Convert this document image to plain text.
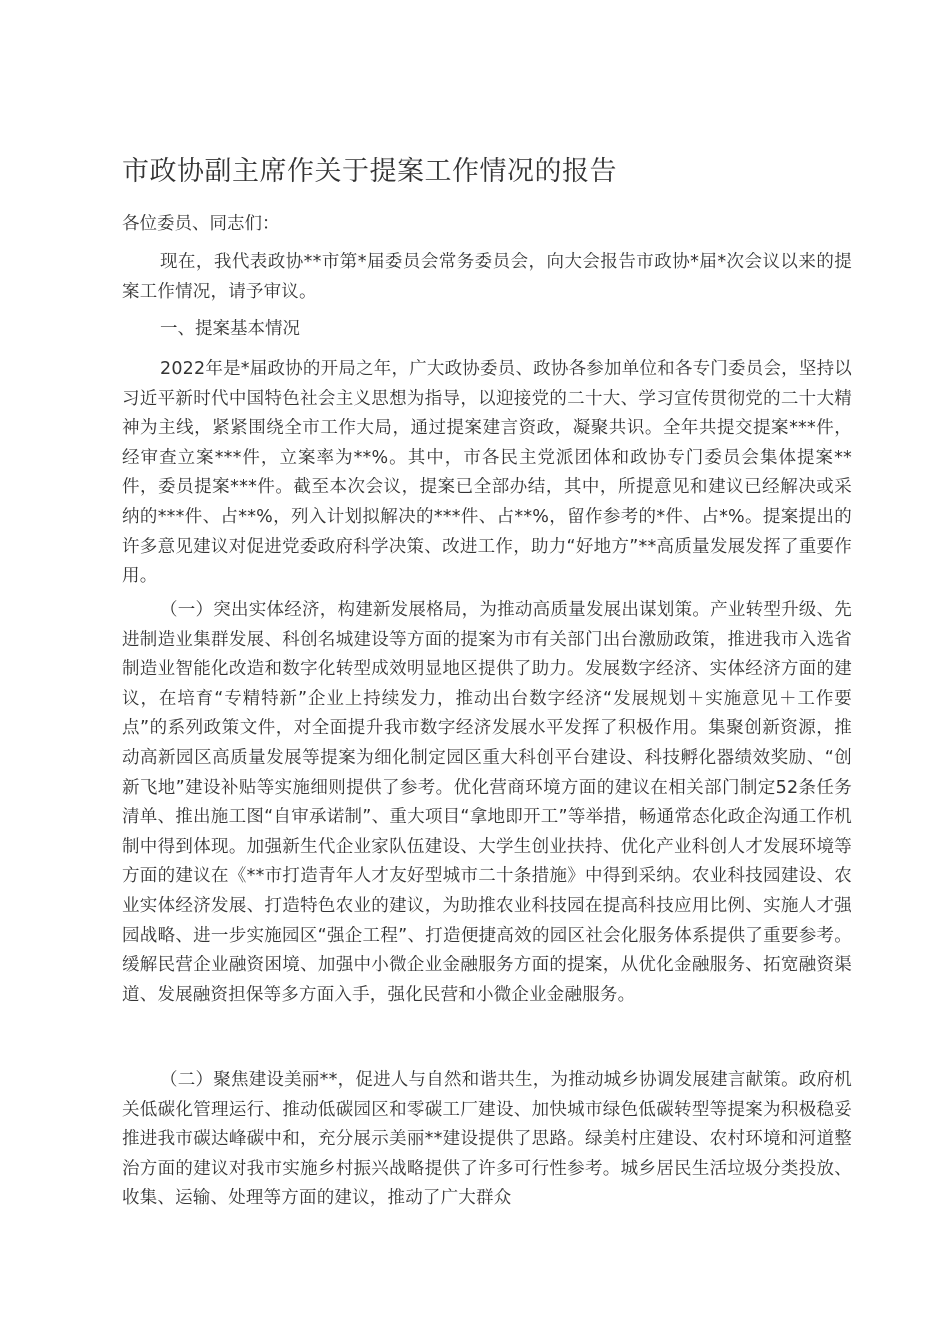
市政协副主席作关于提案工作情况的报告
各位委员、同志们：

现在，我代表政协**市第*届委员会常务委员会，向大会报告市政协*届*次会议以来的提案工作情况，请予审议。

一、提案基本情况

2022年是*届政协的开局之年，广大政协委员、政协各参加单位和各专门委员会，坚持以习近平新时代中国特色社会主义思想为指导，以迎接党的二十大、学习宣传贯彻党的二十大精神为主线，紧紧围绕全市工作大局，通过提案建言资政，凝聚共识。全年共提交提案***件，经审查立案***件，立案率为**%。其中，市各民主党派团体和政协专门委员会集体提案**件，委员提案***件。截至本次会议，提案已全部办结，其中，所提意见和建议已经解决或采纳的***件、占**%，列入计划拟解决的***件、占**%，留作参考的*件、占*%。提案提出的许多意见建议对促进党委政府科学决策、改进工作，助力“好地方”**高质量发展发挥了重要作用。

（一）突出实体经济，构建新发展格局，为推动高质量发展出谋划策。产业转型升级、先进制造业集群发展、科创名城建设等方面的提案为市有关部门出台激励政策，推进我市入选省制造业智能化改造和数字化转型成效明显地区提供了助力。发展数字经济、实体经济方面的建议，在培育“专精特新”企业上持续发力，推动出台数字经济“发展规划＋实施意见＋工作要点”的系列政策文件，对全面提升我市数字经济发展水平发挥了积极作用。集聚创新资源，推动高新园区高质量发展等提案为细化制定园区重大科创平台建设、科技孵化器绩效奖励、“创新飞地”建设补贴等实施细则提供了参考。优化营商环境方面的建议在相关部门制定52条任务清单、推出施工图“自审承诺制”、重大项目“拿地即开工”等举措，畅通常态化政企沟通工作机制中得到体现。加强新生代企业家队伍建设、大学生创业扶持、优化产业科创人才发展环境等方面的建议在《**市打造青年人才友好型城市二十条措施》中得到采纳。农业科技园建设、农业实体经济发展、打造特色农业的建议，为助推农业科技园在提高科技应用比例、实施人才强园战略、进一步实施园区“强企工程”、打造便捷高效的园区社会化服务体系提供了重要参考。缓解民营企业融资困境、加强中小微企业金融服务方面的提案，从优化金融服务、拓宽融资渠道、发展融资担保等多方面入手，强化民营和小微企业金融服务。

（二）聚焦建设美丽**，促进人与自然和谐共生，为推动城乡协调发展建言献策。政府机关低碳化管理运行、推动低碳园区和零碳工厂建设、加快城市绿色低碳转型等提案为积极稳妥推进我市碳达峰碳中和，充分展示美丽**建设提供了思路。绿美村庄建设、农村环境和河道整治方面的建议对我市实施乡村振兴战略提供了许多可行性参考。城乡居民生活垃圾分类投放、收集、运输、处理等方面的建议，推动了广大群众
